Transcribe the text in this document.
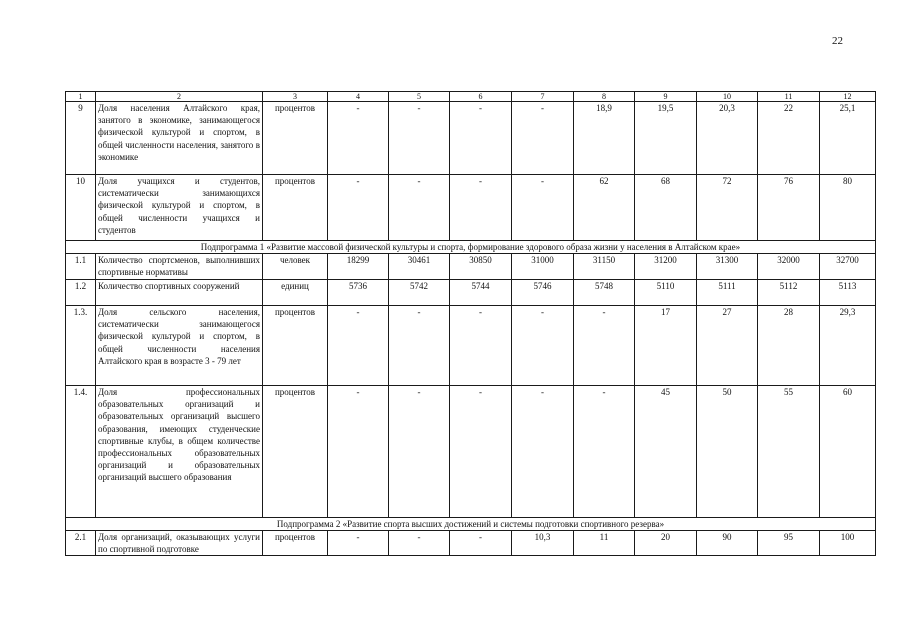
22
1	2	3	4	5	6	7	8	9	10	11	12
9	Доля населения Алтайского края, занятого в экономике, занимающегося физической культурой и спортом, в общей численности населения, занятого в экономике	процентов	-	-	-	-	18,9	19,5	20,3	22	25,1
10	Доля учащихся и студентов, систематически занимающихся физической культурой и спортом, в общей численности учащихся и студентов	процентов	-	-	-	-	62	68	72	76	80
Подпрограмма 1 «Развитие массовой физической культуры и спорта, формирование здорового образа жизни у населения в Алтайском крае»											
1.1	Количество спортсменов, выполнивших спортивные нормативы	человек	18299	30461	30850	31000	31150	31200	31300	32000	32700
1.2	Количество спортивных сооружений	единиц	5736	5742	5744	5746	5748	5110	5111	5112	5113
1.3.	Доля сельского населения, систематически занимающегося физической культурой и спортом, в общей численности населения Алтайского края в возрасте 3 - 79 лет	процентов	-	-	-	-	-	17	27	28	29,3
1.4.	Доля профессиональных образовательных организаций и образовательных организаций высшего образования, имеющих студенческие спортивные клубы, в общем количестве профессиональных образовательных организаций и образовательных организаций высшего образования	процентов	-	-	-	-	-	45	50	55	60
Подпрограмма 2 «Развитие спорта высших достижений и системы подготовки спортивного резерва»											
2.1	Доля организаций, оказывающих услуги по спортивной подготовке	процентов	-	-	-	10,3	11	20	90	95	100
